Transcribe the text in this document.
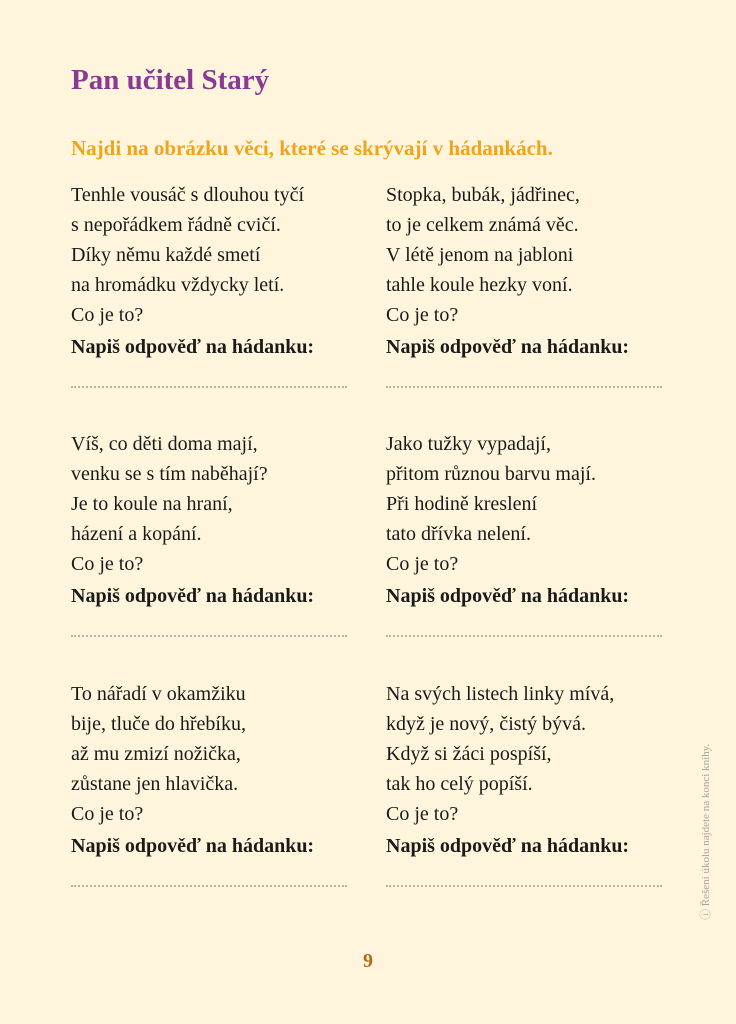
Pan učitel Starý
Najdi na obrázku věci, které se skrývají v hádankách.
Tenhle vousáč s dlouhou tyčí
s nepořádkem řádně cvičí.
Díky němu každé smetí
na hromádku vždycky letí.
Co je to?
Napiš odpověď na hádanku:
Stopka, bubák, jádřinec,
to je celkem známá věc.
V létě jenom na jabloni
tahle koule hezky voní.
Co je to?
Napiš odpověď na hádanku:
Víš, co děti doma mají,
venku se s tím naběhají?
Je to koule na hraní,
házení a kopání.
Co je to?
Napiš odpověď na hádanku:
Jako tužky vypadají,
přitom různou barvu mají.
Při hodině kreslení
tato dřívka nelení.
Co je to?
Napiš odpověď na hádanku:
To nářadí v okamžiku
bije, tluče do hřebíku,
až mu zmizí nožička,
zůstane jen hlavička.
Co je to?
Napiš odpověď na hádanku:
Na svých listech linky mívá,
když je nový, čistý bývá.
Když si žáci pospíší,
tak ho celý popíší.
Co je to?
Napiš odpověď na hádanku:
9
ⓘ Řešení úkolu najdete na konci knihy.
